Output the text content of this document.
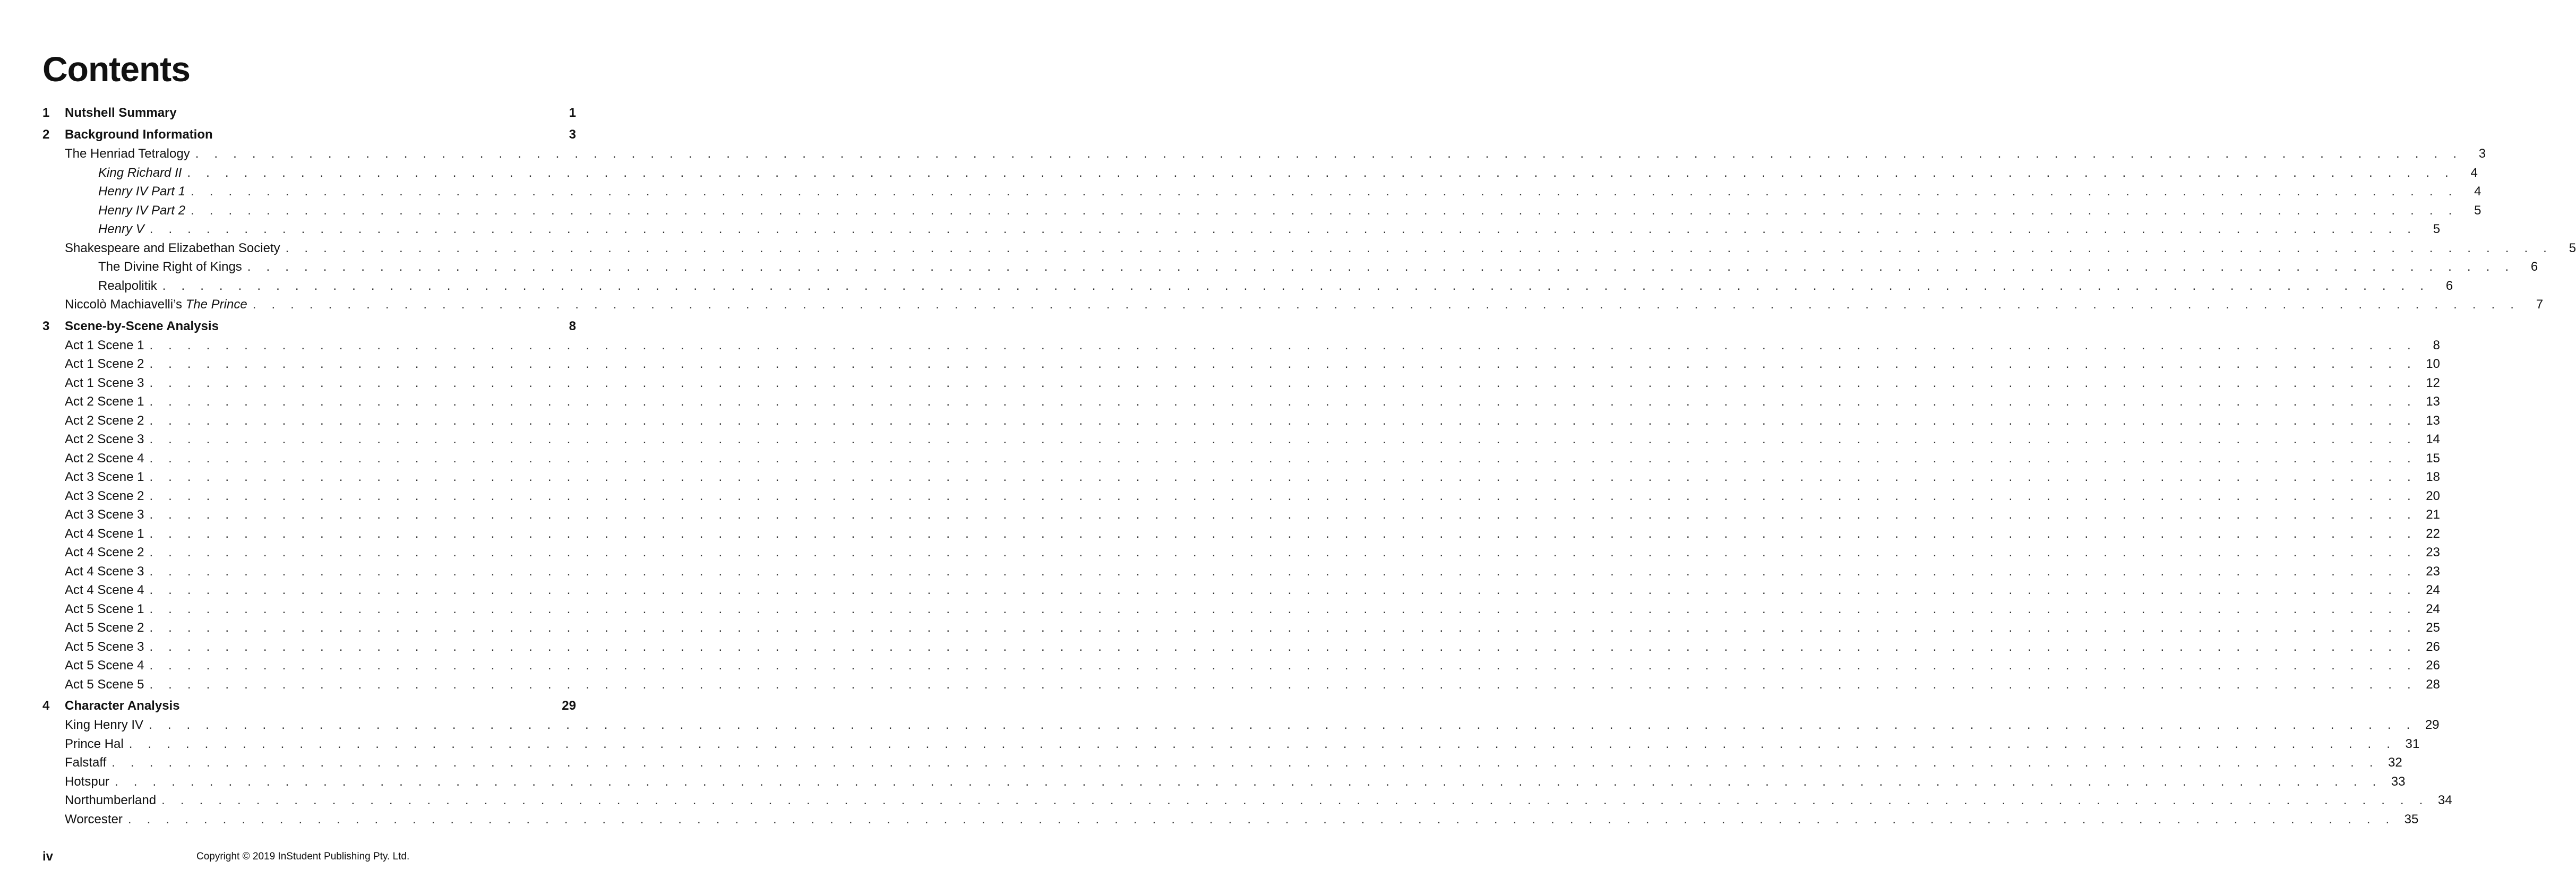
Contents
1	Nutshell Summary	1
2	Background Information	3
The Henriad Tetralogy . . . . . . . . . . . . . . . . . . . . . . . . . . . . . . . . . . . . . . . . . . . . . . . . . . . . . . . . . . . . . . . . . . . . . . . . . . . . . . . . . . . . . . . . . . . . . . . . . . . . . . . . . . . . . . . . . . . . . . . .	3
King Richard II . . . . . . . . . . . . . . . . . . . . . . . . . . . . . . . . . . . . . . . . . . . . . . . . . . . . . . . . . . . . . . . . . . . . . . . . . . . . . . . . . . . . . . . . . . . . . . . . . . . . . . . . . . . . . . . . . . . . . . . .	4
Henry IV Part 1 . . . . . . . . . . . . . . . . . . . . . . . . . . . . . . . . . . . . . . . . . . . . . . . . . . . . . . . . . . . . . . . . . . . . . . . . . . . . . . . . . . . . . . . . . . . . . . . . . . . . . . . . . . . . . . . . . . . . . . . .	4
Henry IV Part 2 . . . . . . . . . . . . . . . . . . . . . . . . . . . . . . . . . . . . . . . . . . . . . . . . . . . . . . . . . . . . . . . . . . . . . . . . . . . . . . . . . . . . . . . . . . . . . . . . . . . . . . . . . . . . . . . . . . . . . . . .	5
Henry V . . . . . . . . . . . . . . . . . . . . . . . . . . . . . . . . . . . . . . . . . . . . . . . . . . . . . . . . . . . . . . . . . . . . . . . . . . . . . . . . . . . . . . . . . . . . . . . . . . . . . . . . . . . . . . . . . . . . . . . .	5
Shakespeare and Elizabethan Society . . . . . . . . . . . . . . . . . . . . . . . . . . . . . . . . . . . . . . . . . . . . . . . . . . . . . . . . . . . . . . . . . . . . . . . . . . . . . . . . . . . . . . . . . . . . . . . . . . . . . . . . . . . . . . . . . . . . . . . .	5
The Divine Right of Kings . . . . . . . . . . . . . . . . . . . . . . . . . . . . . . . . . . . . . . . . . . . . . . . . . . . . . . . . . . . . . . . . . . . . . . . . . . . . . . . . . . . . . . . . . . . . . . . . . . . . . . . . . . . . . . . . . . . . . . . .	6
Realpolitik . . . . . . . . . . . . . . . . . . . . . . . . . . . . . . . . . . . . . . . . . . . . . . . . . . . . . . . . . . . . . . . . . . . . . . . . . . . . . . . . . . . . . . . . . . . . . . . . . . . . . . . . . . . . . . . . . . . . . . . .	6
Niccolò Machiavelli’s The Prince . . . . . . . . . . . . . . . . . . . . . . . . . . . . . . . . . . . . . . . . . . . . . . . . . . . . . . . . . . . . . . . . . . . . . . . . . . . . . . . . . . . . . . . . . . . . . . . . . . . . . . . . . . . . . . . . . . . . . . . .	7
3	Scene-by-Scene Analysis	8
Act 1 Scene 1 . . . . . . . . . . . . . . . . . . . . . . . . . . . . . . . . . . . . . . . . . . . . . . . . . . . . . . . . . . . . . . . . . . . . . . . . . . . . . . . . . . . . . . . . . . . . . . . . . . . . . . . . . . . . . . . . . . . . . . . .	8
Act 1 Scene 2 . . . . . . . . . . . . . . . . . . . . . . . . . . . . . . . . . . . . . . . . . . . . . . . . . . . . . . . . . . . . . . . . . . . . . . . . . . . . . . . . . . . . . . . . . . . . . . . . . . . . . . . . . . . . . . . . . . . . . . . . 10
Act 1 Scene 3 . . . . . . . . . . . . . . . . . . . . . . . . . . . . . . . . . . . . . . . . . . . . . . . . . . . . . . . . . . . . . . . . . . . . . . . . . . . . . . . . . . . . . . . . . . . . . . . . . . . . . . . . . . . . . . . . . . . . . . . . 12
Act 2 Scene 1 . . . . . . . . . . . . . . . . . . . . . . . . . . . . . . . . . . . . . . . . . . . . . . . . . . . . . . . . . . . . . . . . . . . . . . . . . . . . . . . . . . . . . . . . . . . . . . . . . . . . . . . . . . . . . . . . . . . . . . . . 13
Act 2 Scene 2 . . . . . . . . . . . . . . . . . . . . . . . . . . . . . . . . . . . . . . . . . . . . . . . . . . . . . . . . . . . . . . . . . . . . . . . . . . . . . . . . . . . . . . . . . . . . . . . . . . . . . . . . . . . . . . . . . . . . . . . . 13
Act 2 Scene 3 . . . . . . . . . . . . . . . . . . . . . . . . . . . . . . . . . . . . . . . . . . . . . . . . . . . . . . . . . . . . . . . . . . . . . . . . . . . . . . . . . . . . . . . . . . . . . . . . . . . . . . . . . . . . . . . . . . . . . . . . 14
Act 2 Scene 4 . . . . . . . . . . . . . . . . . . . . . . . . . . . . . . . . . . . . . . . . . . . . . . . . . . . . . . . . . . . . . . . . . . . . . . . . . . . . . . . . . . . . . . . . . . . . . . . . . . . . . . . . . . . . . . . . . . . . . . . . 15
Act 3 Scene 1 . . . . . . . . . . . . . . . . . . . . . . . . . . . . . . . . . . . . . . . . . . . . . . . . . . . . . . . . . . . . . . . . . . . . . . . . . . . . . . . . . . . . . . . . . . . . . . . . . . . . . . . . . . . . . . . . . . . . . . . . 18
Act 3 Scene 2 . . . . . . . . . . . . . . . . . . . . . . . . . . . . . . . . . . . . . . . . . . . . . . . . . . . . . . . . . . . . . . . . . . . . . . . . . . . . . . . . . . . . . . . . . . . . . . . . . . . . . . . . . . . . . . . . . . . . . . . . 20
Act 3 Scene 3 . . . . . . . . . . . . . . . . . . . . . . . . . . . . . . . . . . . . . . . . . . . . . . . . . . . . . . . . . . . . . . . . . . . . . . . . . . . . . . . . . . . . . . . . . . . . . . . . . . . . . . . . . . . . . . . . . . . . . . . . 21
Act 4 Scene 1 . . . . . . . . . . . . . . . . . . . . . . . . . . . . . . . . . . . . . . . . . . . . . . . . . . . . . . . . . . . . . . . . . . . . . . . . . . . . . . . . . . . . . . . . . . . . . . . . . . . . . . . . . . . . . . . . . . . . . . . . 22
Act 4 Scene 2 . . . . . . . . . . . . . . . . . . . . . . . . . . . . . . . . . . . . . . . . . . . . . . . . . . . . . . . . . . . . . . . . . . . . . . . . . . . . . . . . . . . . . . . . . . . . . . . . . . . . . . . . . . . . . . . . . . . . . . . . 23
Act 4 Scene 3 . . . . . . . . . . . . . . . . . . . . . . . . . . . . . . . . . . . . . . . . . . . . . . . . . . . . . . . . . . . . . . . . . . . . . . . . . . . . . . . . . . . . . . . . . . . . . . . . . . . . . . . . . . . . . . . . . . . . . . . . 23
Act 4 Scene 4 . . . . . . . . . . . . . . . . . . . . . . . . . . . . . . . . . . . . . . . . . . . . . . . . . . . . . . . . . . . . . . . . . . . . . . . . . . . . . . . . . . . . . . . . . . . . . . . . . . . . . . . . . . . . . . . . . . . . . . . . 24
Act 5 Scene 1 . . . . . . . . . . . . . . . . . . . . . . . . . . . . . . . . . . . . . . . . . . . . . . . . . . . . . . . . . . . . . . . . . . . . . . . . . . . . . . . . . . . . . . . . . . . . . . . . . . . . . . . . . . . . . . . . . . . . . . . . 24
Act 5 Scene 2 . . . . . . . . . . . . . . . . . . . . . . . . . . . . . . . . . . . . . . . . . . . . . . . . . . . . . . . . . . . . . . . . . . . . . . . . . . . . . . . . . . . . . . . . . . . . . . . . . . . . . . . . . . . . . . . . . . . . . . . . 25
Act 5 Scene 3 . . . . . . . . . . . . . . . . . . . . . . . . . . . . . . . . . . . . . . . . . . . . . . . . . . . . . . . . . . . . . . . . . . . . . . . . . . . . . . . . . . . . . . . . . . . . . . . . . . . . . . . . . . . . . . . . . . . . . . . . 26
Act 5 Scene 4 . . . . . . . . . . . . . . . . . . . . . . . . . . . . . . . . . . . . . . . . . . . . . . . . . . . . . . . . . . . . . . . . . . . . . . . . . . . . . . . . . . . . . . . . . . . . . . . . . . . . . . . . . . . . . . . . . . . . . . . . 26
Act 5 Scene 5 . . . . . . . . . . . . . . . . . . . . . . . . . . . . . . . . . . . . . . . . . . . . . . . . . . . . . . . . . . . . . . . . . . . . . . . . . . . . . . . . . . . . . . . . . . . . . . . . . . . . . . . . . . . . . . . . . . . . . . . . 28
4	Character Analysis	29
King Henry IV . . . . . . . . . . . . . . . . . . . . . . . . . . . . . . . . . . . . . . . . . . . . . . . . . . . . . . . . . . . . . . . . . . . . . . . . . . . . . . . . . . . . . . . . . . . . . . . . . . . . . . . . . . . . . . . . . . . . . . . . 29
Prince Hal . . . . . . . . . . . . . . . . . . . . . . . . . . . . . . . . . . . . . . . . . . . . . . . . . . . . . . . . . . . . . . . . . . . . . . . . . . . . . . . . . . . . . . . . . . . . . . . . . . . . . . . . . . . . . . . . . . . . . . . . 31
Falstaff . . . . . . . . . . . . . . . . . . . . . . . . . . . . . . . . . . . . . . . . . . . . . . . . . . . . . . . . . . . . . . . . . . . . . . . . . . . . . . . . . . . . . . . . . . . . . . . . . . . . . . . . . . . . . . . . . . . . . . . . 32
Hotspur . . . . . . . . . . . . . . . . . . . . . . . . . . . . . . . . . . . . . . . . . . . . . . . . . . . . . . . . . . . . . . . . . . . . . . . . . . . . . . . . . . . . . . . . . . . . . . . . . . . . . . . . . . . . . . . . . . . . . . . . 33
Northumberland . . . . . . . . . . . . . . . . . . . . . . . . . . . . . . . . . . . . . . . . . . . . . . . . . . . . . . . . . . . . . . . . . . . . . . . . . . . . . . . . . . . . . . . . . . . . . . . . . . . . . . . . . . . . . . . . . . . . . . . . 34
Worcester . . . . . . . . . . . . . . . . . . . . . . . . . . . . . . . . . . . . . . . . . . . . . . . . . . . . . . . . . . . . . . . . . . . . . . . . . . . . . . . . . . . . . . . . . . . . . . . . . . . . . . . . . . . . . . . . . . . . . . . . 35
iv	Copyright © 2019 InStudent Publishing Pty. Ltd.
